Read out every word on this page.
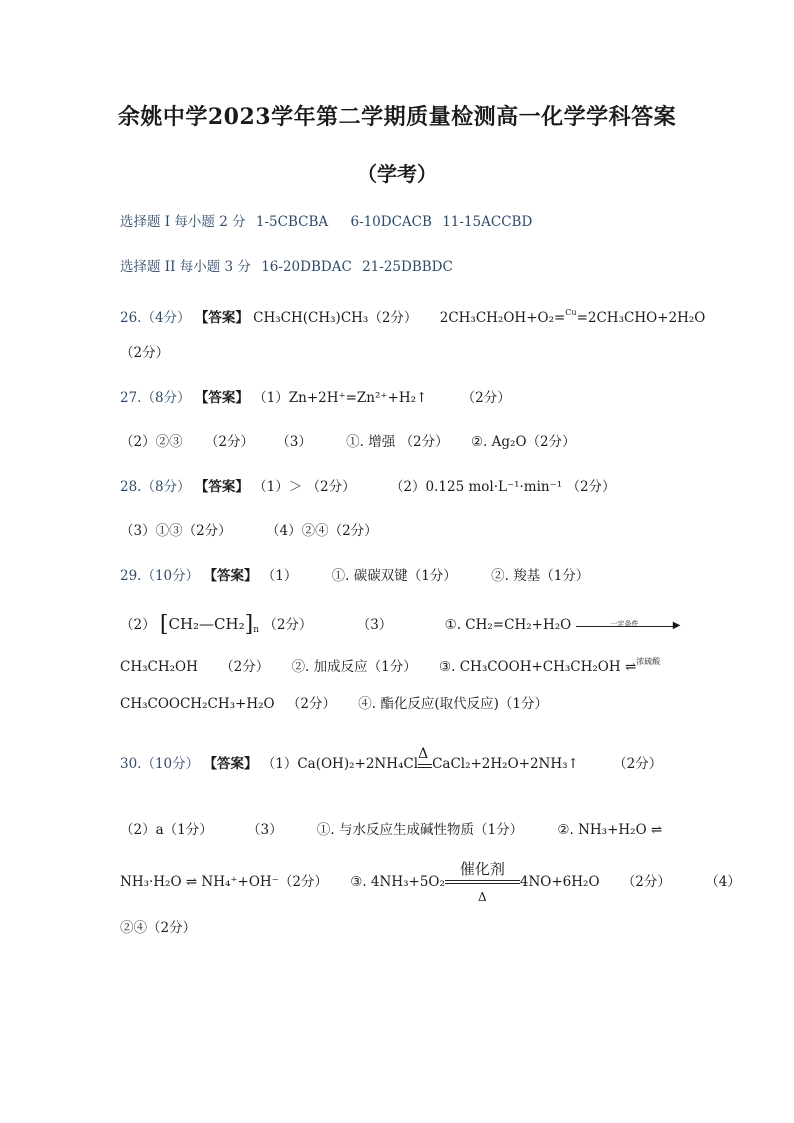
余姚中学2023学年第二学期质量检测高一化学学科答案
（学考）
选择题 I 每小题 2 分 1-5CBCBA 6-10DCACB 11-15ACCBD
选择题 II 每小题 3 分 16-20DBDAC 21-25DBBDC
26.（4分） 【答案】 CH₃CH(CH₃)CH₃（2分） 2CH₃CH₂OH+O₂=$^{Cu}$=2CH₃CHO+2H₂O
（2分）
27.（8分） 【答案】 （1）Zn+2H⁺=Zn²⁺+H₂↑	（2分）
（2）②③ （2分） （3）	①. 增强 （2分） ②. Ag₂O（2分）
28.（8分） 【答案】 （1）＞ （2分）	（2）0.125 mol·L⁻¹·min⁻¹ （2分）
（3）①③（2分）	（4）②④（2分）
29.（10分） 【答案】 （1）	①. 碳碳双键（1分）	②. 羧基（1分）
（2） $[CH_2—CH_2]_n$ （2分）	（3）	①. CH₂=CH₂+H₂O	一定条件	▶
CH₃CH₂OH （2分） ②. 加成反应（1分） ③. CH₃COOH+CH₃CH₂OH ⇌$^{浓硫酸}$
CH₃COOCH₂CH₃+H₂O （2分） ④. 酯化反应(取代反应)（1分）
30.（10分） 【答案】 （1）Ca(OH)₂+2NH₄Cl
Δ
CaCl₂+2H₂O+2NH₃↑	（2分）
（2）a（1分）	（3）	①. 与水反应生成碱性物质（1分）	②. NH₃+H₂O ⇌
NH₃·H₂O ⇌ NH₄⁺+OH⁻（2分） ③. 4NH₃+5O₂
催化剂
Δ
4NO+6H₂O （2分）	（4）
②④（2分）
